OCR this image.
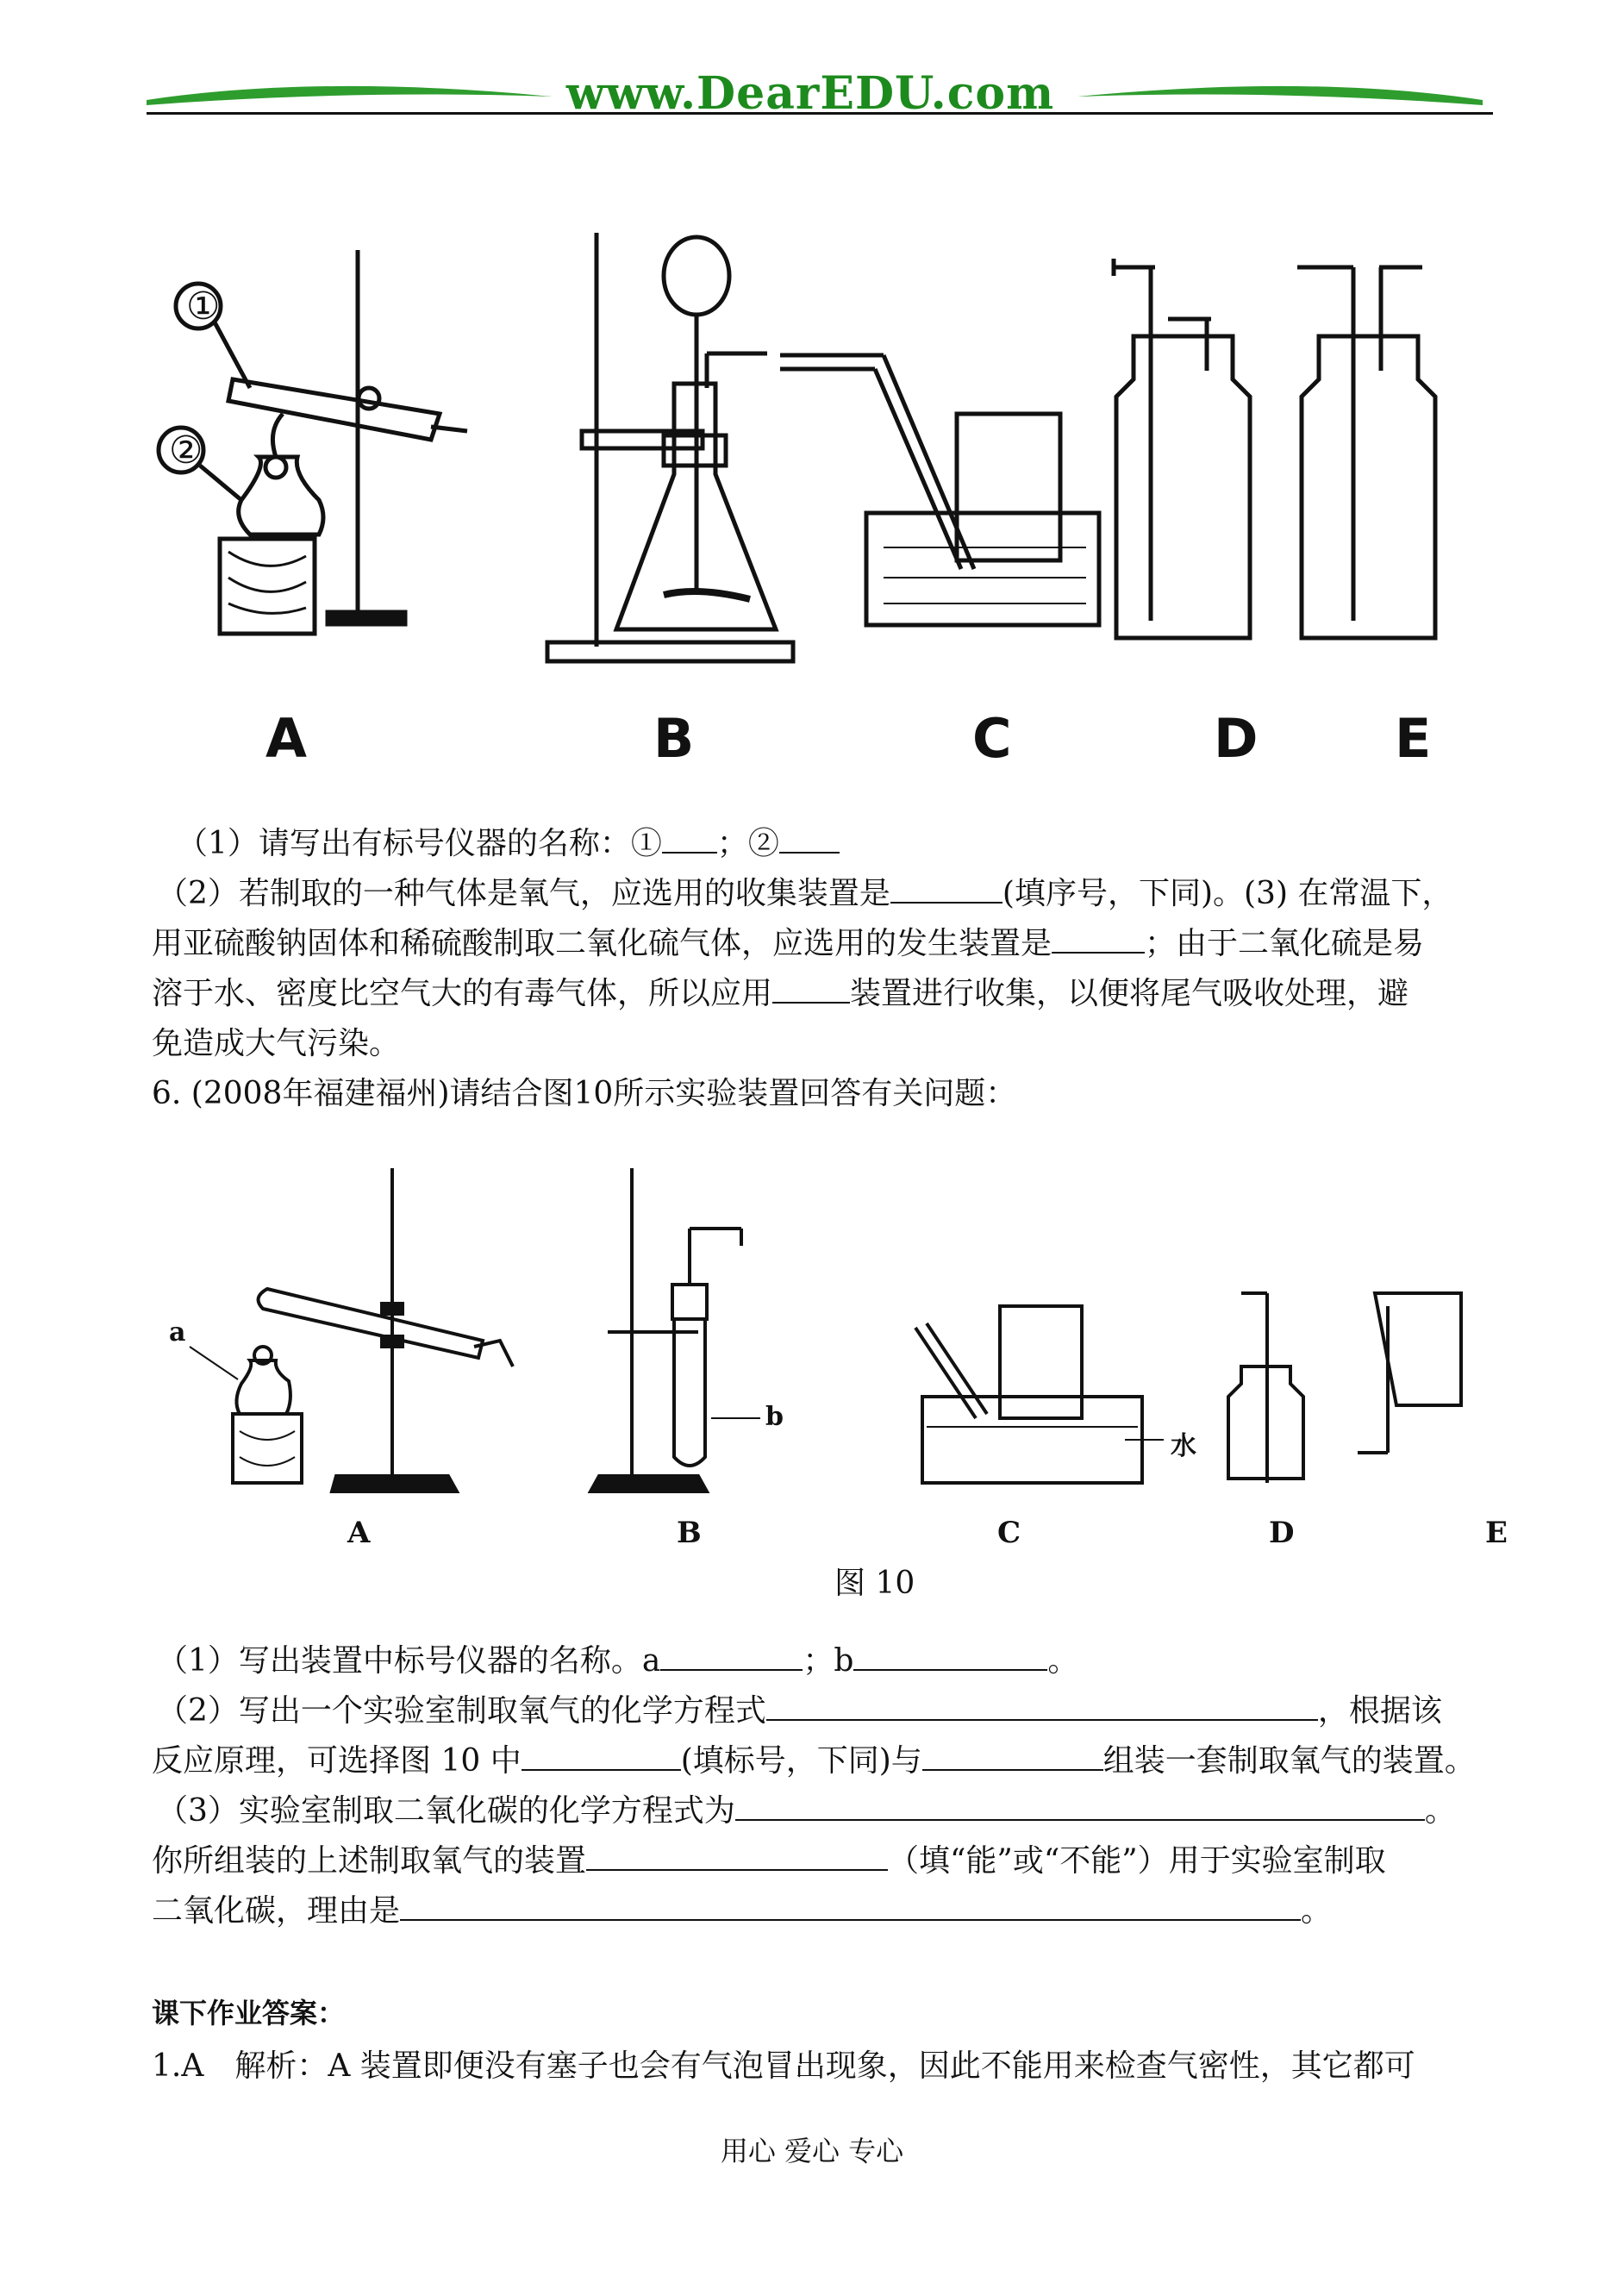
www.DearEDU.com
A	B	C	D	E
①
②
（1）请写出有标号仪器的名称：① ；②
（2）若制取的一种气体是氧气，应选用的收集装置是	(填序号，下同)。(3) 在常温下，
用亚硫酸钠固体和稀硫酸制取二氧化硫气体，应选用的发生装置是	；由于二氧化硫是易
溶于水、密度比空气大的有毒气体，所以应用	装置进行收集，以便将尾气吸收处理，避
免造成大气污染。
6. (2008年福建福州)请结合图10所示实验装置回答有关问题：
a
b
水
A	B	C	D	E
图 10
（1）写出装置中标号仪器的名称。a	；b	。
（2）写出一个实验室制取氧气的化学方程式	，根据该
反应原理，可选择图 10 中	(填标号，下同)与	组装一套制取氧气的装置。
（3）实验室制取二氧化碳的化学方程式为	。
你所组装的上述制取氧气的装置	（填“能”或“不能”）用于实验室制取
二氧化碳，理由是	。
课下作业答案：
1.A　解析：A 装置即便没有塞子也会有气泡冒出现象，因此不能用来检查气密性，其它都可
用心 爱心 专心
